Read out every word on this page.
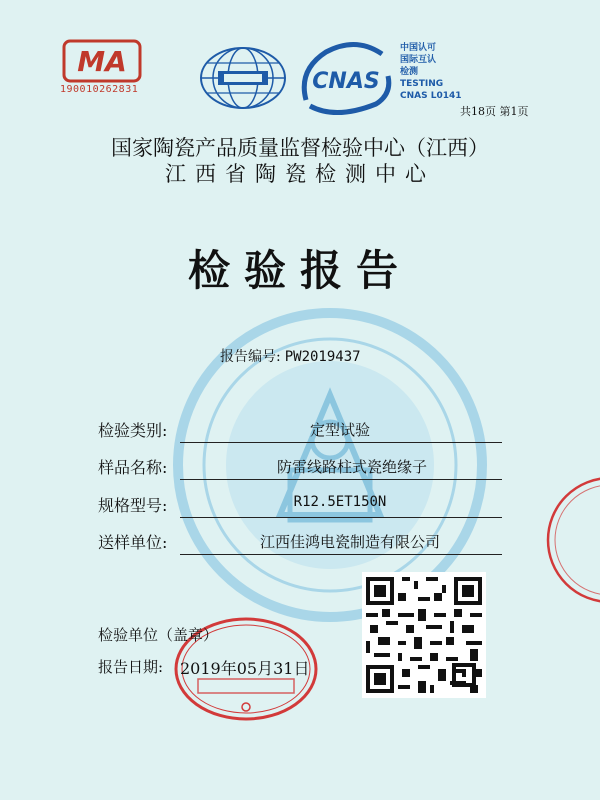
MA
190010262831	CNAS
中国认可
国际互认
检测
TESTING
CNAS L0141
共18页 第1页
国家陶瓷产品质量监督检验中心（江西）
江西省陶瓷检测中心
检验报告
报告编号: PW2019437
检验类别:	定型试验
样品名称:	防雷线路柱式瓷绝缘子
规格型号:	R12.5ET150N
送样单位:	江西佳鸿电瓷制造有限公司
检验单位（盖章）
报告日期: 2019年05月31日
